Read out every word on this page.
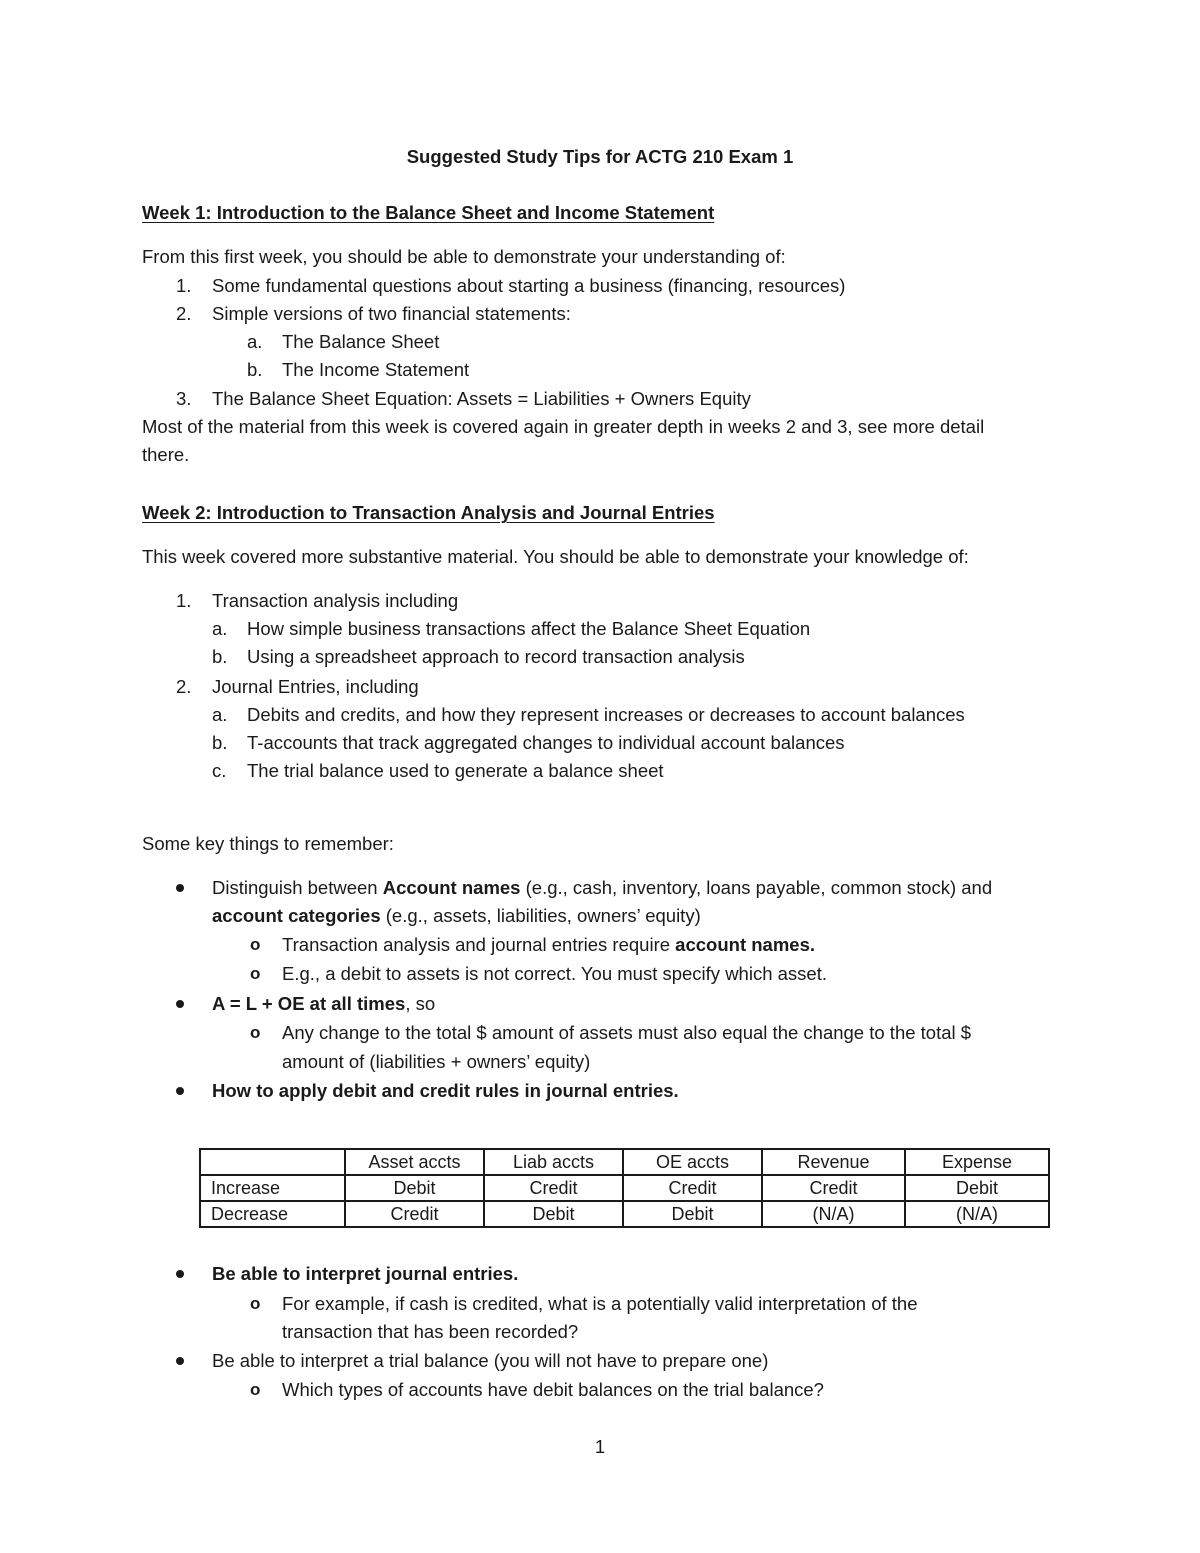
Suggested Study Tips for ACTG 210 Exam 1
Week 1: Introduction to the Balance Sheet and Income Statement
From this first week, you should be able to demonstrate your understanding of:
1. Some fundamental questions about starting a business (financing, resources)
2. Simple versions of two financial statements:
a. The Balance Sheet
b. The Income Statement
3. The Balance Sheet Equation: Assets = Liabilities + Owners Equity
Most of the material from this week is covered again in greater depth in weeks 2 and 3, see more detail
there.
Week 2: Introduction to Transaction Analysis and Journal Entries
This week covered more substantive material. You should be able to demonstrate your knowledge of:
1. Transaction analysis including
a. How simple business transactions affect the Balance Sheet Equation
b. Using a spreadsheet approach to record transaction analysis
2. Journal Entries, including
a. Debits and credits, and how they represent increases or decreases to account balances
b. T-accounts that track aggregated changes to individual account balances
c. The trial balance used to generate a balance sheet
Some key things to remember:
Distinguish between Account names (e.g., cash, inventory, loans payable, common stock) and
account categories (e.g., assets, liabilities, owners’ equity)
o Transaction analysis and journal entries require account names.
o E.g., a debit to assets is not correct. You must specify which asset.
A = L + OE at all times, so
o Any change to the total $ amount of assets must also equal the change to the total $
amount of (liabilities + owners’ equity)
How to apply debit and credit rules in journal entries.
	Asset accts	Liab accts	OE accts	Revenue	Expense
Increase	Debit	Credit	Credit	Credit	Debit
Decrease	Credit	Debit	Debit	(N/A)	(N/A)
Be able to interpret journal entries.
o For example, if cash is credited, what is a potentially valid interpretation of the
transaction that has been recorded?
Be able to interpret a trial balance (you will not have to prepare one)
o Which types of accounts have debit balances on the trial balance?
1
